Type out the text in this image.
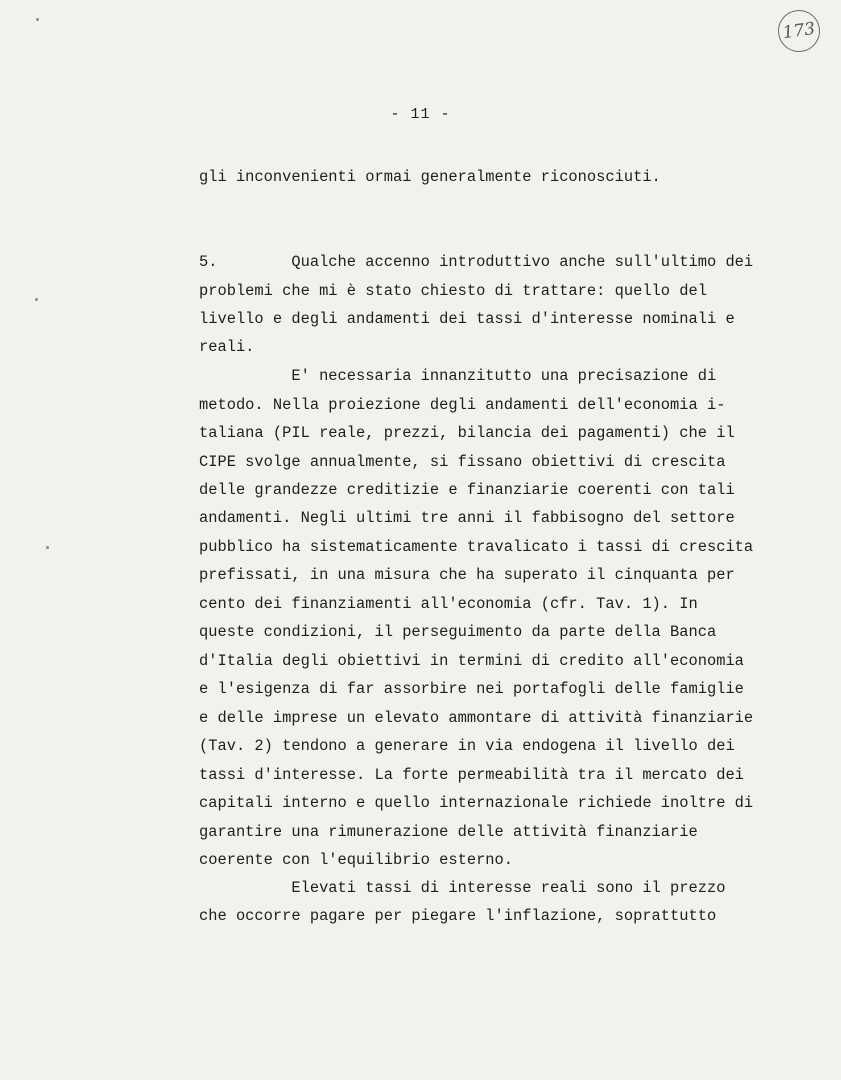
173
- 11 -
gli inconvenienti ormai generalmente riconosciuti.
5.        Qualche accenno introduttivo anche sull'ultimo dei
problemi che mi è stato chiesto di trattare: quello del
livello e degli andamenti dei tassi d'interesse nominali e
reali.
E' necessaria innanzitutto una precisazione di
metodo. Nella proiezione degli andamenti dell'economia i-
taliana (PIL reale, prezzi, bilancia dei pagamenti) che il
CIPE svolge annualmente, si fissano obiettivi di crescita
delle grandezze creditizie e finanziarie coerenti con tali
andamenti. Negli ultimi tre anni il fabbisogno del settore
pubblico ha sistematicamente travalicato i tassi di crescita
prefissati, in una misura che ha superato il cinquanta per
cento dei finanziamenti all'economia (cfr. Tav. 1). In
queste condizioni, il perseguimento da parte della Banca
d'Italia degli obiettivi in termini di credito all'economia
e l'esigenza di far assorbire nei portafogli delle famiglie
e delle imprese un elevato ammontare di attività finanziarie
(Tav. 2) tendono a generare in via endogena il livello dei
tassi d'interesse. La forte permeabilità tra il mercato dei
capitali interno e quello internazionale richiede inoltre di
garantire una rimunerazione delle attività finanziarie
coerente con l'equilibrio esterno.
Elevati tassi di interesse reali sono il prezzo
che occorre pagare per piegare l'inflazione, soprattutto
